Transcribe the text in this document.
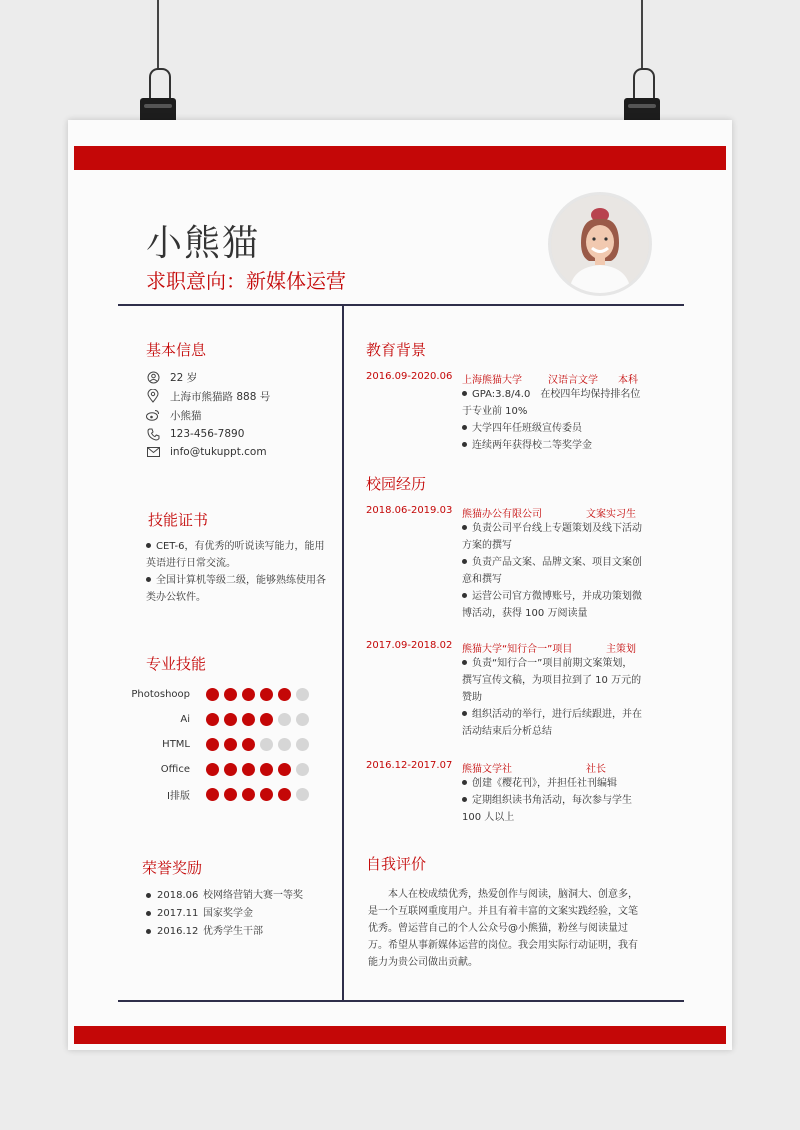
小熊猫
求职意向：新媒体运营
基本信息
22 岁
上海市熊猫路 888 号
小熊猫
123-456-7890
info@tukuppt.com
技能证书
CET-6，有优秀的听说读写能力，能用英语进行日常交流。
全国计算机等级二级，能够熟练使用各类办公软件。
专业技能
Photoshoop
Ai
HTML
Office
I排版
荣誉奖励
2018.06 校网络营销大赛一等奖
2017.11 国家奖学金
2016.12 优秀学生干部
教育背景
2016.09-2020.06 上海熊猫大学	汉语言文学 本科
GPA:3.8/4.0　在校四年均保持排名位于专业前 10%
大学四年任班级宣传委员
连续两年获得校二等奖学金
校园经历
2018.06-2019.03 熊猫办公有限公司	文案实习生
负责公司平台线上专题策划及线下活动方案的撰写
负责产品文案、品牌文案、项目文案创意和撰写
运营公司官方微博账号，并成功策划微博活动，获得 100 万阅读量
2017.09-2018.02 熊猫大学“知行合一”项目	主策划
负责“知行合一”项目前期文案策划，撰写宣传文稿，为项目拉到了 10 万元的赞助
组织活动的举行，进行后续跟进，并在活动结束后分析总结
2016.12-2017.07 熊猫文学社	社长
创建《樱花刊》，并担任社刊编辑
定期组织读书角活动，每次参与学生 100 人以上
自我评价
本人在校成绩优秀，热爱创作与阅读，脑洞大、创意多，是一个互联网重度用户。并且有着丰富的文案实践经验，文笔优秀。曾运营自己的个人公众号@小熊猫，粉丝与阅读量过万。希望从事新媒体运营的岗位。我会用实际行动证明，我有能力为贵公司做出贡献。
